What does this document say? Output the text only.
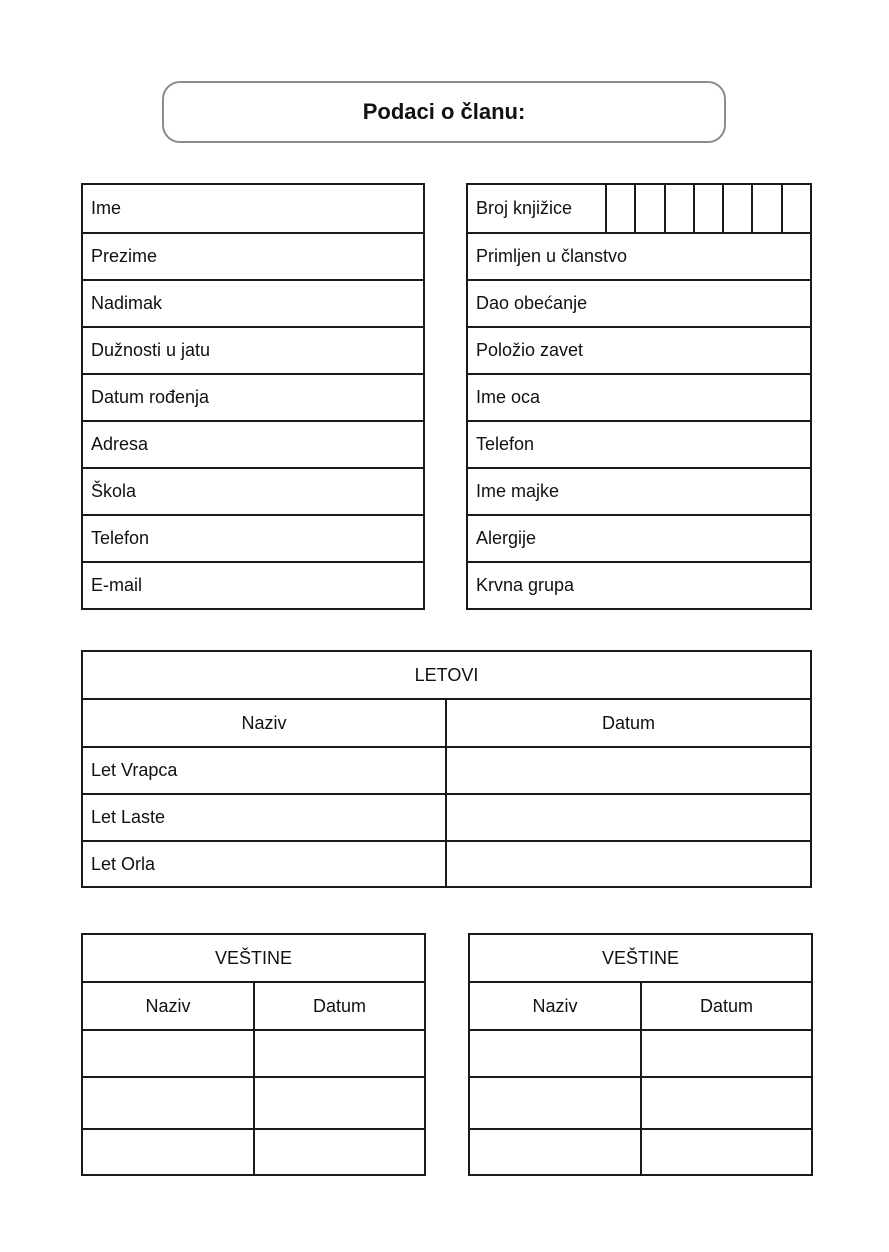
Podaci o članu:
Ime
Prezime
Nadimak
Dužnosti u jatu
Datum rođenja
Adresa
Škola
Telefon
E-mail
Broj knjižice
Primljen u članstvo
Dao obećanje
Položio zavet
Ime oca
Telefon
Ime majke
Alergije
Krvna grupa
LETOVI
Naziv	Datum
Let Vrapca
Let Laste
Let Orla
VEŠTINE
Naziv	Datum
VEŠTINE
Naziv	Datum
